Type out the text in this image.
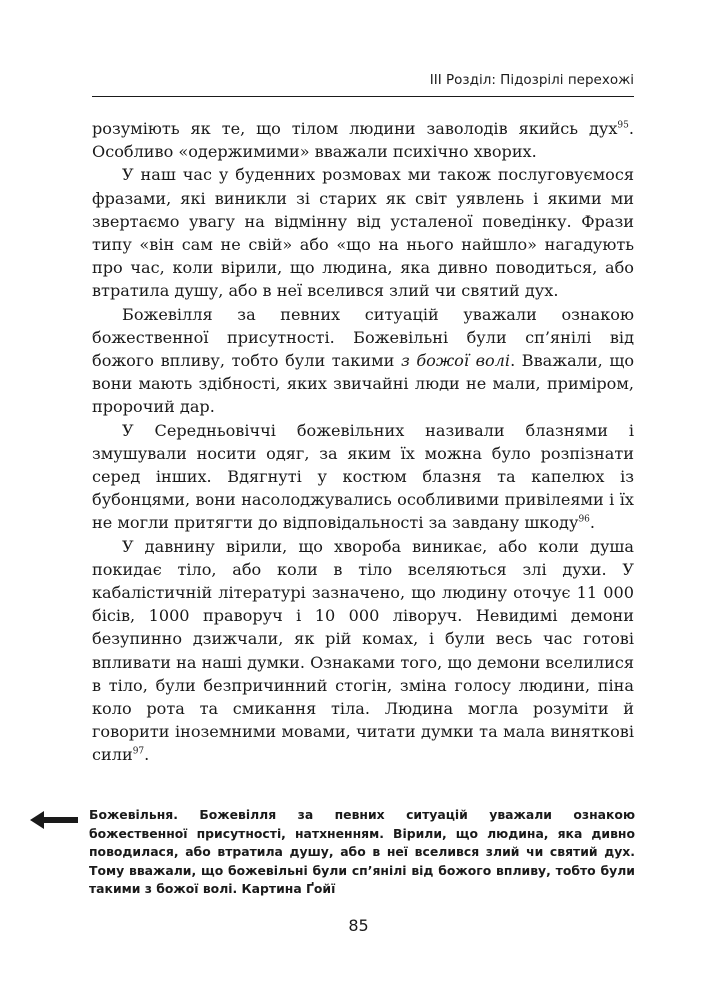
III Розділ: Підозрілі перехожі

розуміють як те, що тілом людини заволодів якийсь дух$^{95}$. Особливо «одержимими» вважали психічно хворих.

У наш час у буденних розмовах ми також послуговуємося фразами, які виникли зі старих як світ уявлень і якими ми звертаємо увагу на відмінну від усталеної поведінку. Фрази типу «він сам не свій» або «що на нього найшло» нагадують про час, коли вірили, що людина, яка дивно поводиться, або втратила душу, або в неї вселився злий чи святий дух.

Божевілля за певних ситуацій уважали ознакою божественної присутності. Божевільні були сп’янілі від божого впливу, тобто були такими з божої волі. Вважали, що вони мають здібності, яких звичайні люди не мали, приміром, пророчий дар.

У Середньовіччі божевільних називали блазнями і змушували носити одяг, за яким їх можна було розпізнати серед інших. Вдягнуті у костюм блазня та капелюх із бубонцями, вони насолоджувались особливими привілеями і їх не могли притягти до відповідальності за завдану шкоду$^{96}$.

У давнину вірили, що хвороба виникає, або коли душа покидає тіло, або коли в тіло вселяються злі духи. У кабалістичній літературі зазначено, що людину оточує 11 000 бісів, 1000 праворуч і 10 000 ліворуч. Невидимі демони безупинно дзижчали, як рій комах, і були весь час готові впливати на наші думки. Ознаками того, що демони вселилися в тіло, були безпричинний стогін, зміна голосу людини, піна коло рота та смикання тіла. Людина могла розуміти й говорити іноземними мовами, читати думки та мала виняткові сили$^{97}$.

Божевільня. Божевілля за певних ситуацій уважали ознакою божественної присутності, натхненням. Вірили, що людина, яка дивно поводилася, або втратила душу, або в неї вселився злий чи святий дух. Тому вважали, що божевільні були сп’янілі від божого впливу, тобто були такими з божої волі. Картина Ґойї
85
